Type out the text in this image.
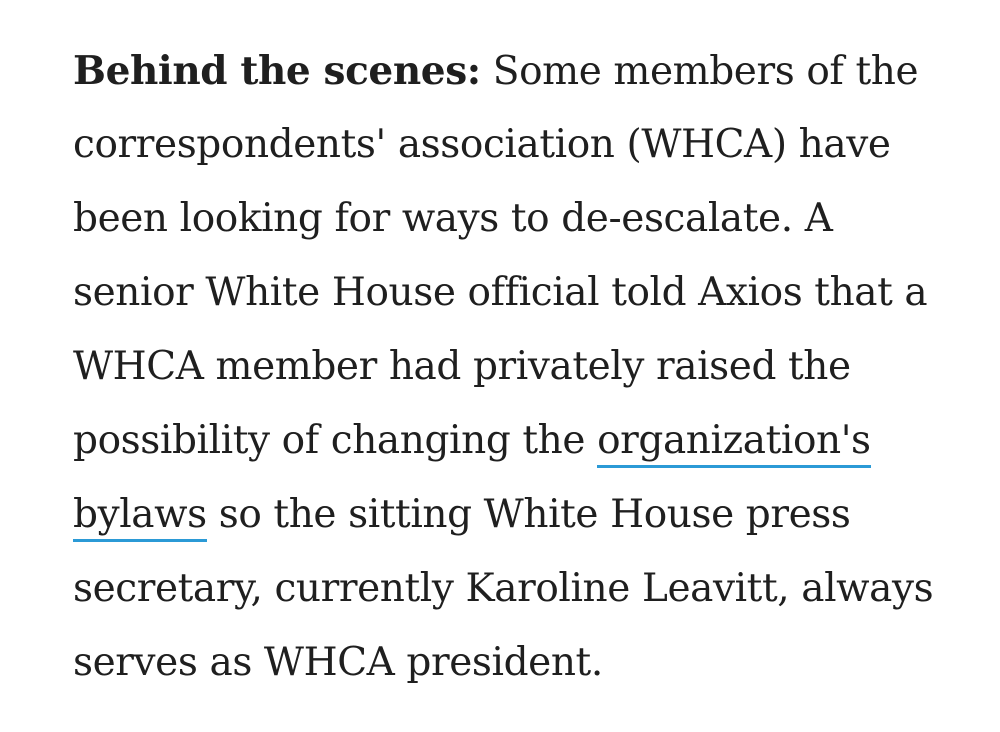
Behind the scenes: Some members of the
correspondents' association (WHCA) have
been looking for ways to de-escalate. A
senior White House official told Axios that a
WHCA member had privately raised the
possibility of changing the organization's
bylaws so the sitting White House press
secretary, currently Karoline Leavitt, always
serves as WHCA president.
